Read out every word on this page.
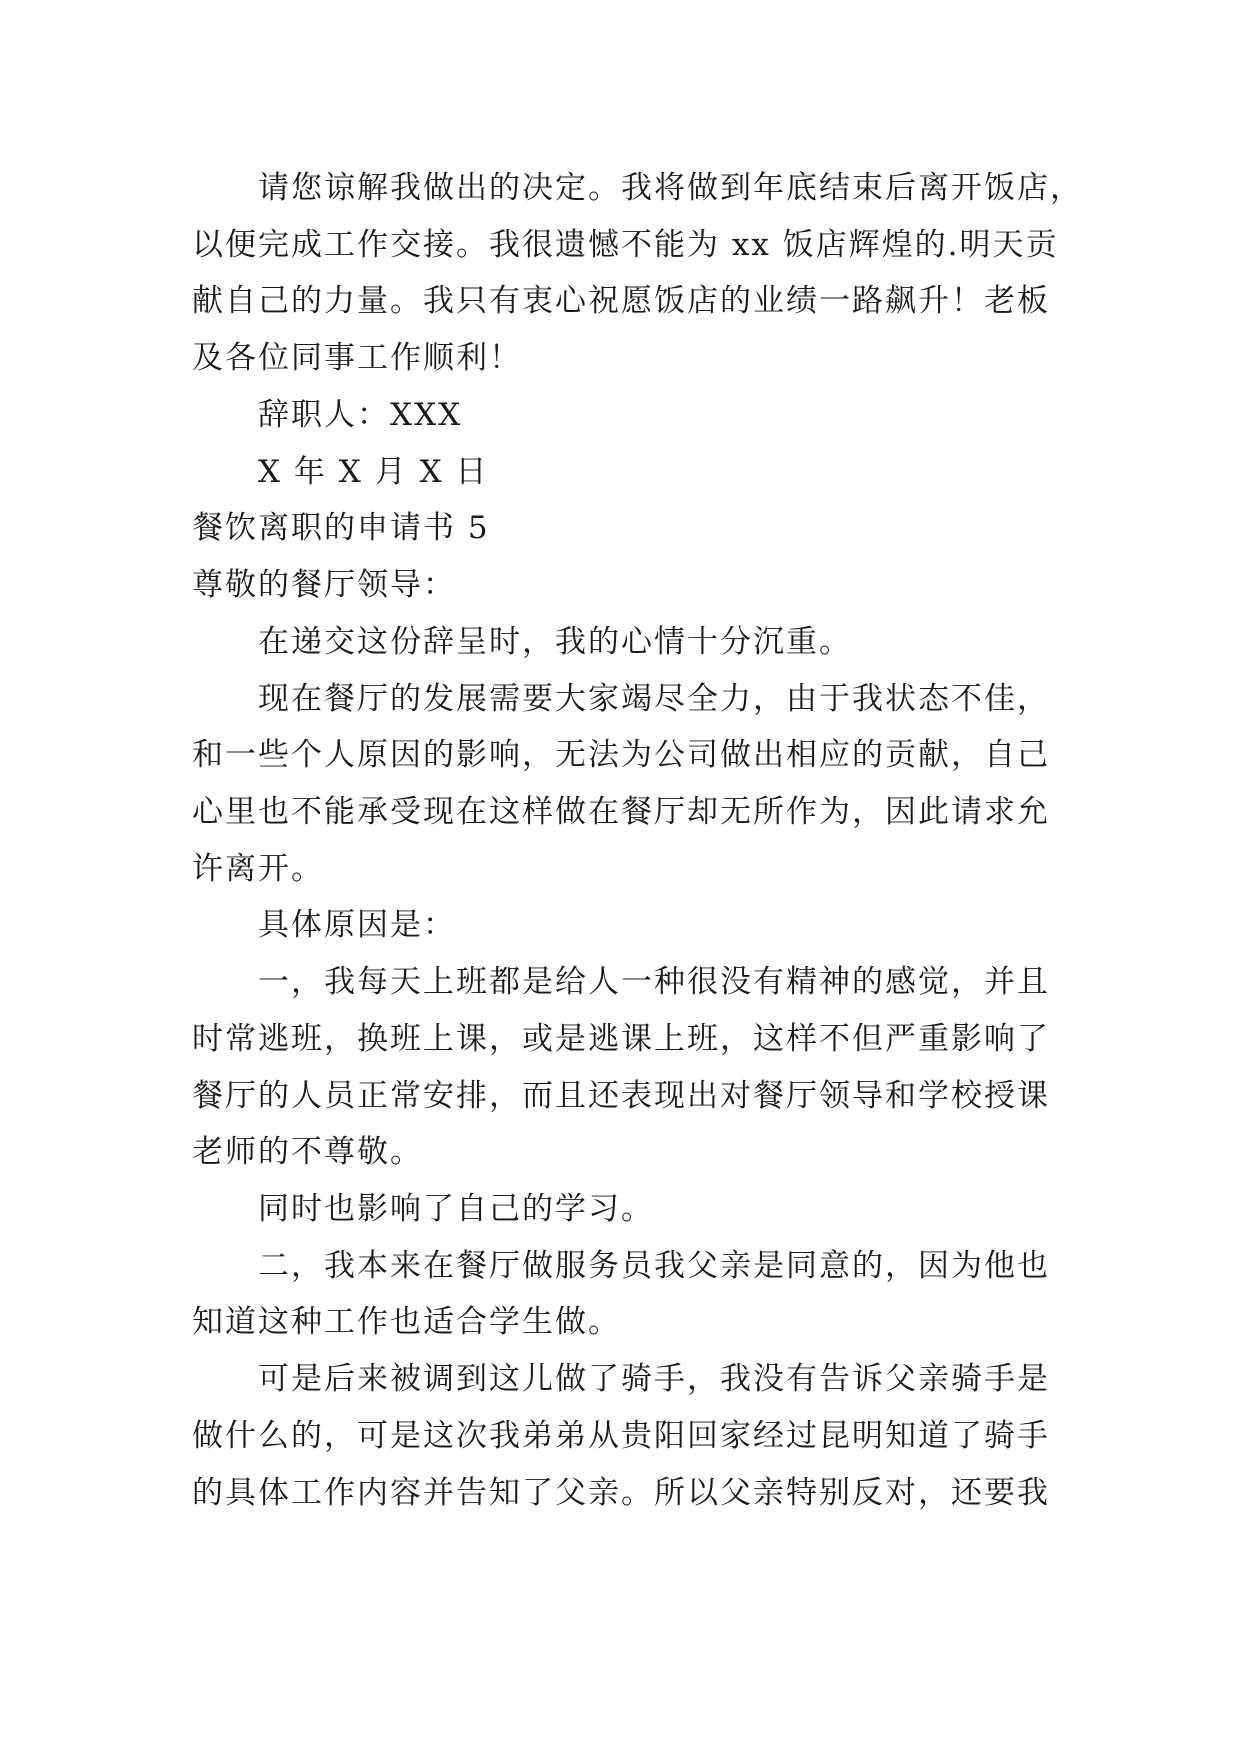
请您谅解我做出的决定。我将做到年底结束后离开饭店，
以便完成工作交接。我很遗憾不能为 xx 饭店辉煌的.明天贡
献自己的力量。我只有衷心祝愿饭店的业绩一路飙升！老板
及各位同事工作顺利！
辞职人：XXX
X 年 X 月 X 日
餐饮离职的申请书 5
尊敬的餐厅领导：
在递交这份辞呈时，我的心情十分沉重。
现在餐厅的发展需要大家竭尽全力，由于我状态不佳，
和一些个人原因的影响，无法为公司做出相应的贡献，自己
心里也不能承受现在这样做在餐厅却无所作为，因此请求允
许离开。
具体原因是：
一，我每天上班都是给人一种很没有精神的感觉，并且
时常逃班，换班上课，或是逃课上班，这样不但严重影响了
餐厅的人员正常安排，而且还表现出对餐厅领导和学校授课
老师的不尊敬。
同时也影响了自己的学习。
二，我本来在餐厅做服务员我父亲是同意的，因为他也
知道这种工作也适合学生做。
可是后来被调到这儿做了骑手，我没有告诉父亲骑手是
做什么的，可是这次我弟弟从贵阳回家经过昆明知道了骑手
的具体工作内容并告知了父亲。所以父亲特别反对，还要我
